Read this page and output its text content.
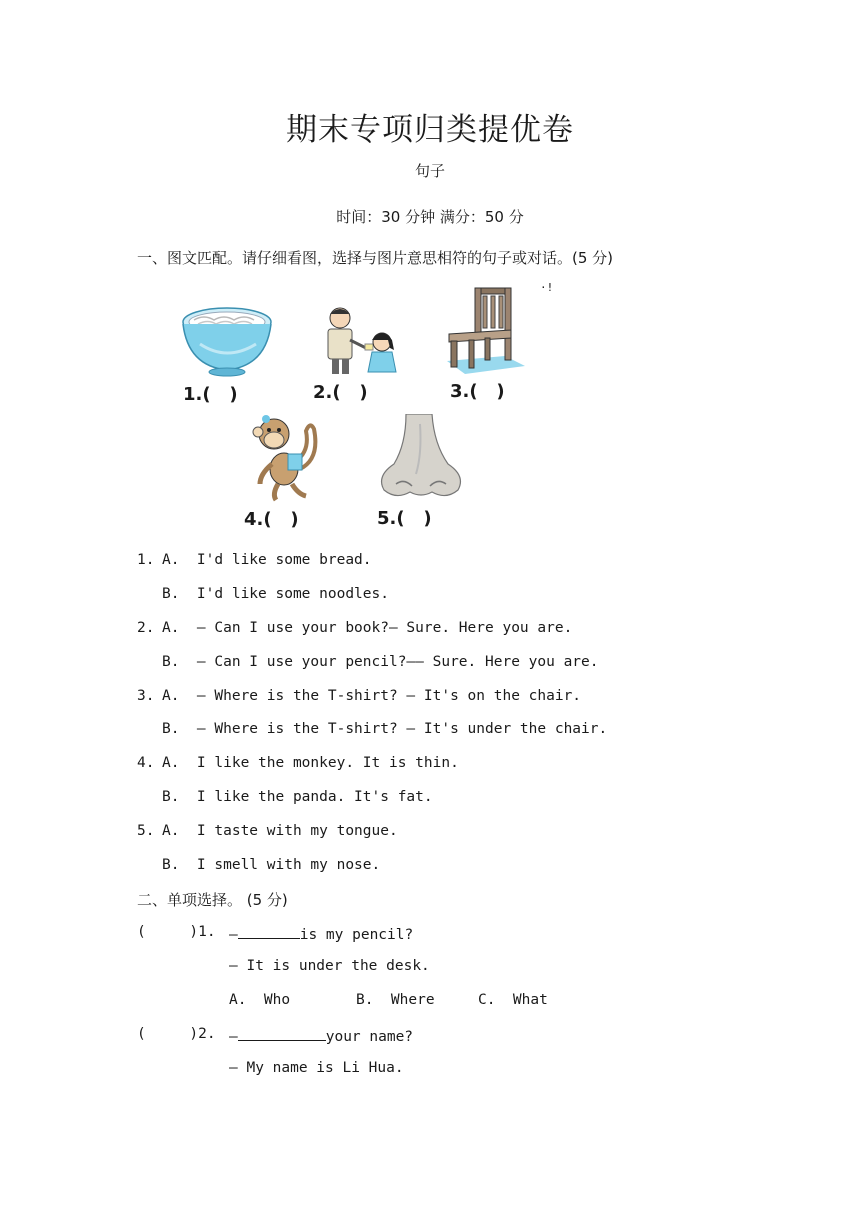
期末专项归类提优卷
句子
时间：30 分钟 满分：50 分
一、图文匹配。请仔细看图，选择与图片意思相符的句子或对话。(5 分)
·!
1.(   )	2.(   )	3.(   )
4.(   )	5.(   )
1. A.  I'd like some bread.
B.  I'd like some noodles.
2. A.  — Can I use your book?— Sure. Here you are.
B.  — Can I use your pencil?—— Sure. Here you are.
3. A.  — Where is the T-shirt? — It's on the chair.
B.  — Where is the T-shirt? — It's under the chair.
4. A.  I like the monkey. It is thin.
B.  I like the panda. It's fat.
5. A.  I taste with my tongue.
B.  I smell with my nose.
二、单项选择。 (5 分)
(     )1. —	is my pencil?
— It is under the desk.
A.  Who	B.  Where	C.  What
(     )2. —	your name?
— My name is Li Hua.
